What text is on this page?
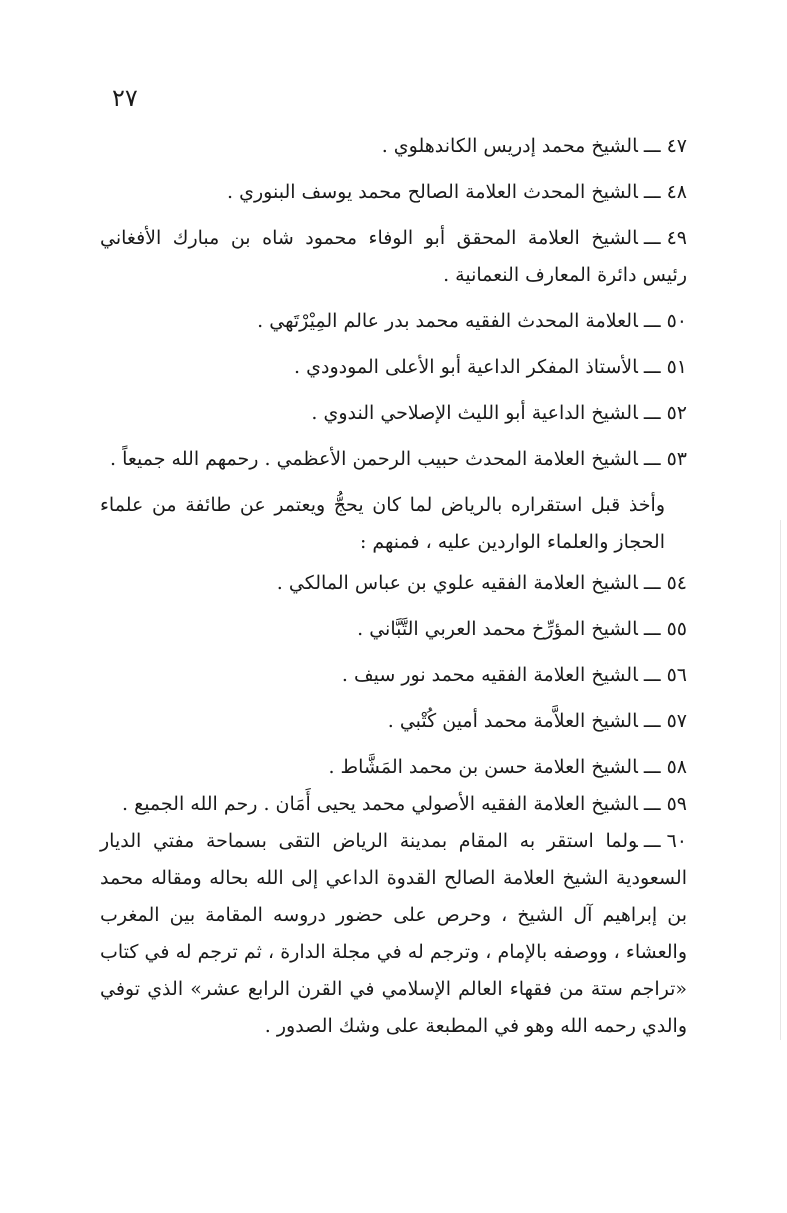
٢٧
٤٧ـــالشيخ محمد إدريس الكاندهلوي .
٤٨ـــالشيخ المحدث العلامة الصالح محمد يوسف البنوري .
٤٩ـــالشيخ العلامة المحقق أبو الوفاء محمود شاه بن مبارك الأفغاني رئيس دائرة المعارف النعمانية .
٥٠ـــالعلامة المحدث الفقيه محمد بدر عالم المِيْرْتَهي .
٥١ـــالأستاذ المفكر الداعية أبو الأعلى المودودي .
٥٢ـــالشيخ الداعية أبو الليث الإصلاحي الندوي .
٥٣ـــالشيخ العلامة المحدث حبيب الرحمن الأعظمي . رحمهم الله جميعاً .

وأخذ قبل استقراره بالرياض لما كان يحجُّ ويعتمر عن طائفة من علماء الحجاز والعلماء الواردين عليه ، فمنهم :

٥٤ـــالشيخ العلامة الفقيه علوي بن عباس المالكي .
٥٥ـــالشيخ المؤرِّخ محمد العربي التَّبَّاني .
٥٦ـــالشيخ العلامة الفقيه محمد نور سيف .
٥٧ـــالشيخ العلاَّمة محمد أمين كُتْبي .
٥٨ـــالشيخ العلامة حسن بن محمد المَشَّاط .
٥٩ـــالشيخ العلامة الفقيه الأصولي محمد يحيى أَمَان . رحم الله الجميع .
٦٠ـــولما استقر به المقام بمدينة الرياض التقى بسماحة مفتي الديار السعودية الشيخ العلامة الصالح القدوة الداعي إلى الله بحاله ومقاله محمد بن إبراهيم آل الشيخ ، وحرص على حضور دروسه المقامة بين المغرب والعشاء ، ووصفه بالإمام ، وترجم له في مجلة الدارة ، ثم ترجم له في كتاب «تراجم ستة من فقهاء العالم الإسلامي في القرن الرابع عشر» الذي توفي والدي رحمه الله وهو في المطبعة على وشك الصدور .
